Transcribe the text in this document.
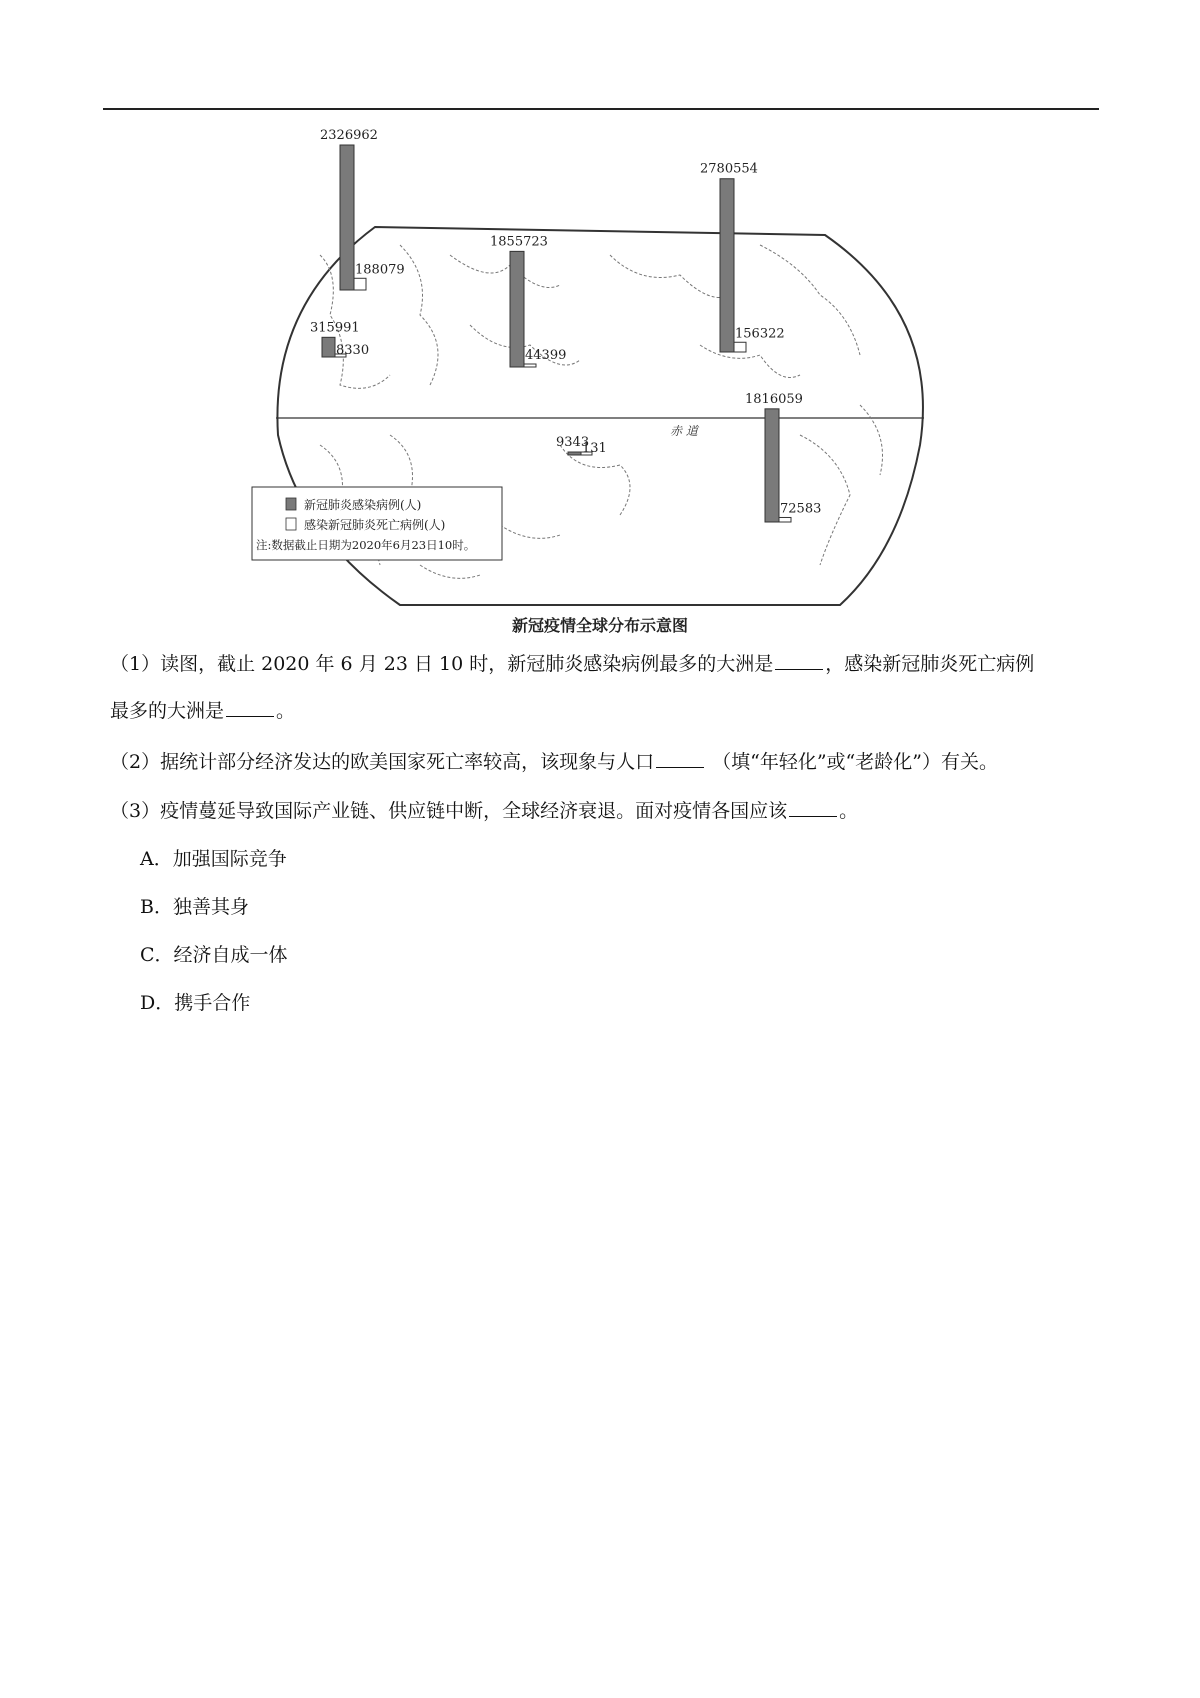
赤 道
新冠肺炎感染病例(人)
感染新冠肺炎死亡病例(人)
注:数据截止日期为2020年6月23日10时。
2326962
188079
315991
8330
1855723
44399
9343
131
2780554
156322
1816059
72583
新冠疫情全球分布示意图
（1）读图，截止 2020 年 6 月 23 日 10 时，新冠肺炎感染病例最多的大洲是	，感染新冠肺炎死亡病例
最多的大洲是	。
（2）据统计部分经济发达的欧美国家死亡率较高，该现象与人口	（填“年轻化”或“老龄化”）有关。
（3）疫情蔓延导致国际产业链、供应链中断，全球经济衰退。面对疫情各国应该	。
A．加强国际竞争
B．独善其身
C．经济自成一体
D．携手合作
